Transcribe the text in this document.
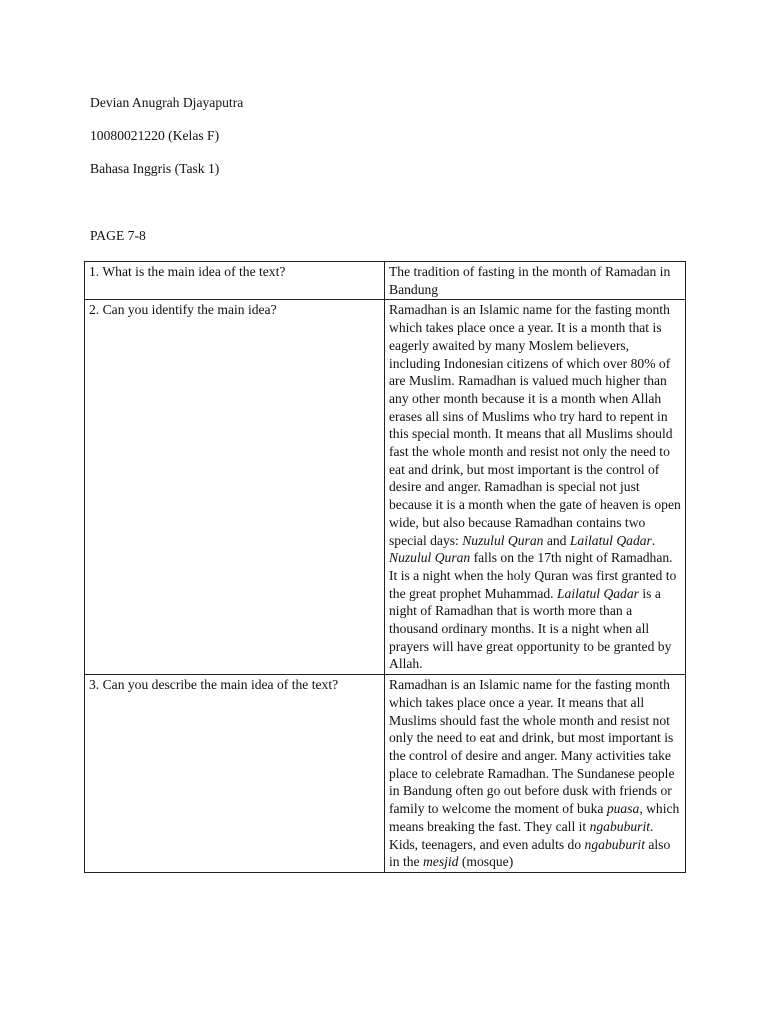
Devian Anugrah Djayaputra

10080021220 (Kelas F)

Bahasa Inggris (Task 1)

PAGE 7-8

1. What is the main idea of the text?	The tradition of fasting in the month of Ramadan in Bandung
2. Can you identify the main idea?	Ramadhan is an Islamic name for the fasting month which takes place once a year. It is a month that is eagerly awaited by many Moslem believers, including Indonesian citizens of which over 80% of are Muslim. Ramadhan is valued much higher than any other month because it is a month when Allah erases all sins of Muslims who try hard to repent in this special month. It means that all Muslims should fast the whole month and resist not only the need to eat and drink, but most important is the control of desire and anger. Ramadhan is special not just because it is a month when the gate of heaven is open wide, but also because Ramadhan contains two special days: Nuzulul Quran and Lailatul Qadar. Nuzulul Quran falls on the 17th night of Ramadhan. It is a night when the holy Quran was first granted to the great prophet Muhammad. Lailatul Qadar is a night of Ramadhan that is worth more than a thousand ordinary months. It is a night when all prayers will have great opportunity to be granted by Allah.
3. Can you describe the main idea of the text?	Ramadhan is an Islamic name for the fasting month which takes place once a year. It means that all Muslims should fast the whole month and resist not only the need to eat and drink, but most important is the control of desire and anger. Many activities take place to celebrate Ramadhan. The Sundanese people in Bandung often go out before dusk with friends or family to welcome the moment of buka puasa, which means breaking the fast. They call it ngabuburit. Kids, teenagers, and even adults do ngabuburit also in the mesjid (mosque)
